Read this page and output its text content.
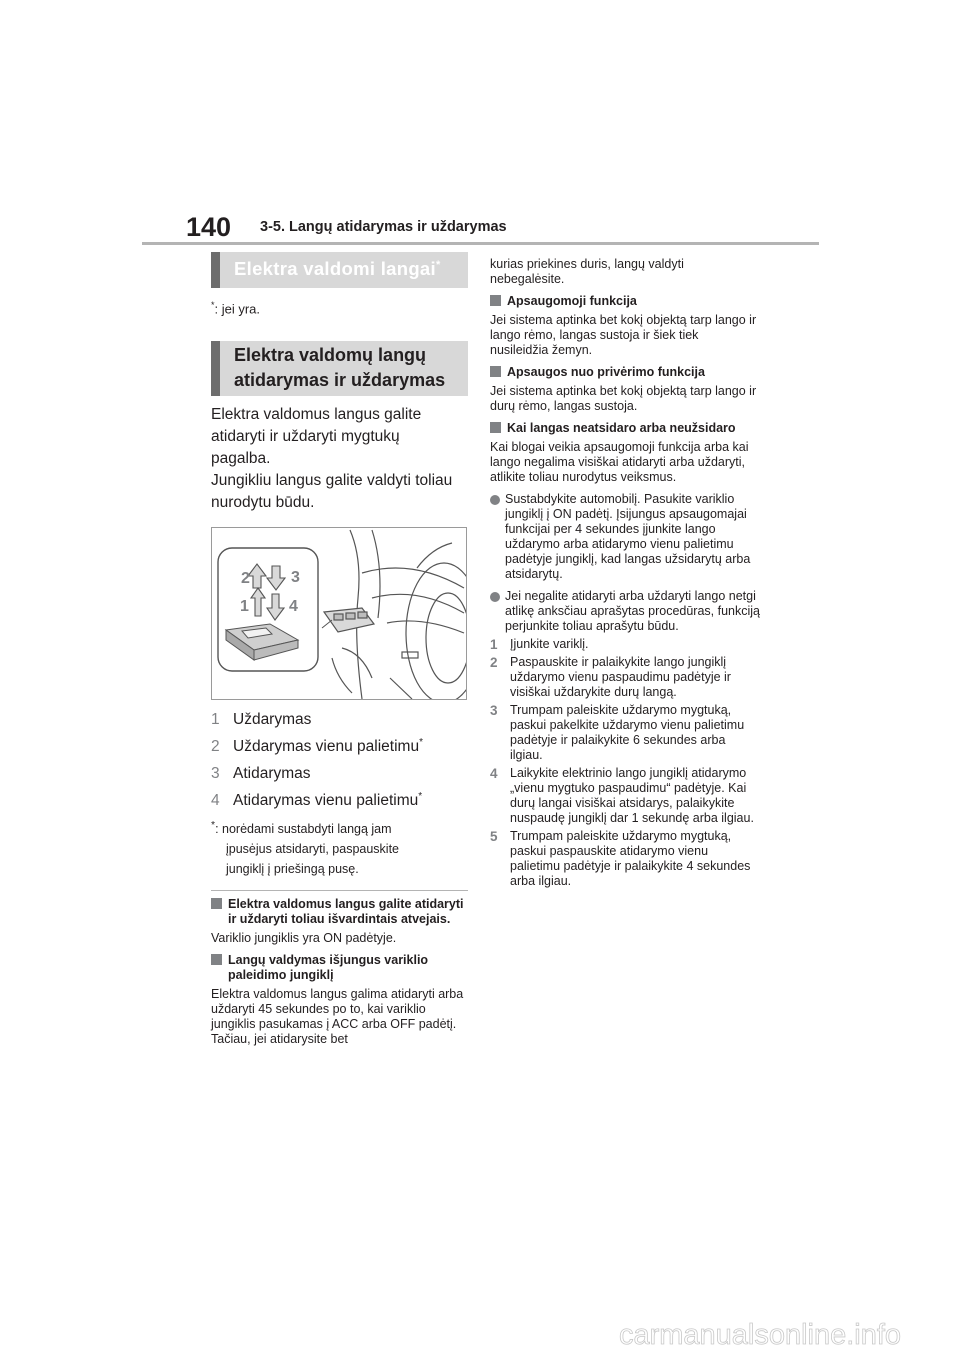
140 3-5. Langų atidarymas ir uždarymas
Elektra valdomi langai*
*: jei yra.
Elektra valdomų langų
atidarymas ir uždarymas

Elektra valdomus langus galite

atidaryti ir uždaryti mygtukų

pagalba.

Jungikliu langus galite valdyti toliau

nurodytu būdu.

1
2	3
4
1 Uždarymas
2 Uždarymas vienu palietimu*
3 Atidarymas
4 Atidarymas vienu palietimu*
*: norėdami sustabdyti langą jam
įpusėjus atsidaryti, paspauskite
jungiklį į priešingą pusę.
Elektra valdomus langus galite atidaryti ir uždaryti toliau išvardintais atvejais.
Variklio jungiklis yra ON padėtyje.
Langų valdymas išjungus variklio paleidimo jungiklį
Elektra valdomus langus galima atidaryti arba uždaryti 45 sekundes po to, kai variklio jungiklis pasukamas į ACC arba OFF padėtį. Tačiau, jei atidarysite bet
kurias priekines duris, langų valdyti nebegalėsite.
Apsaugomoji funkcija
Jei sistema aptinka bet kokį objektą tarp lango ir lango rėmo, langas sustoja ir šiek tiek nusileidžia žemyn.
Apsaugos nuo privėrimo funkcija
Jei sistema aptinka bet kokį objektą tarp lango ir durų rėmo, langas sustoja.
Kai langas neatsidaro arba neužsidaro
Kai blogai veikia apsaugomoji funkcija arba kai lango negalima visiškai atidaryti arba uždaryti, atlikite toliau nurodytus veiksmus.
Sustabdykite automobilį. Pasukite variklio jungiklį į ON padėtį. Įsijungus apsaugomajai funkcijai per 4 sekundes įjunkite lango uždarymo arba atidarymo vienu palietimu padėtyje jungiklį, kad langas užsidarytų arba atsidarytų.
Jei negalite atidaryti arba uždaryti lango netgi atlikę anksčiau aprašytas procedūras, funkciją perjunkite toliau aprašytu būdu.
1 Įjunkite variklį.
2 Paspauskite ir palaikykite lango jungiklį uždarymo vienu paspaudimu padėtyje ir visiškai uždarykite durų langą.
3 Trumpam paleiskite uždarymo mygtuką, paskui pakelkite uždarymo vienu palietimu padėtyje ir palaikykite 6 sekundes arba ilgiau.
4 Laikykite elektrinio lango jungiklį atidarymo „vienu mygtuko paspaudimu“ padėtyje. Kai durų langai visiškai atsidarys, palaikykite nuspaudę jungiklį dar 1 sekundę arba ilgiau.
5 Trumpam paleiskite uždarymo mygtuką, paskui paspauskite atidarymo vienu palietimu padėtyje ir palaikykite 4 sekundes arba ilgiau.
carmanualsonline.info
